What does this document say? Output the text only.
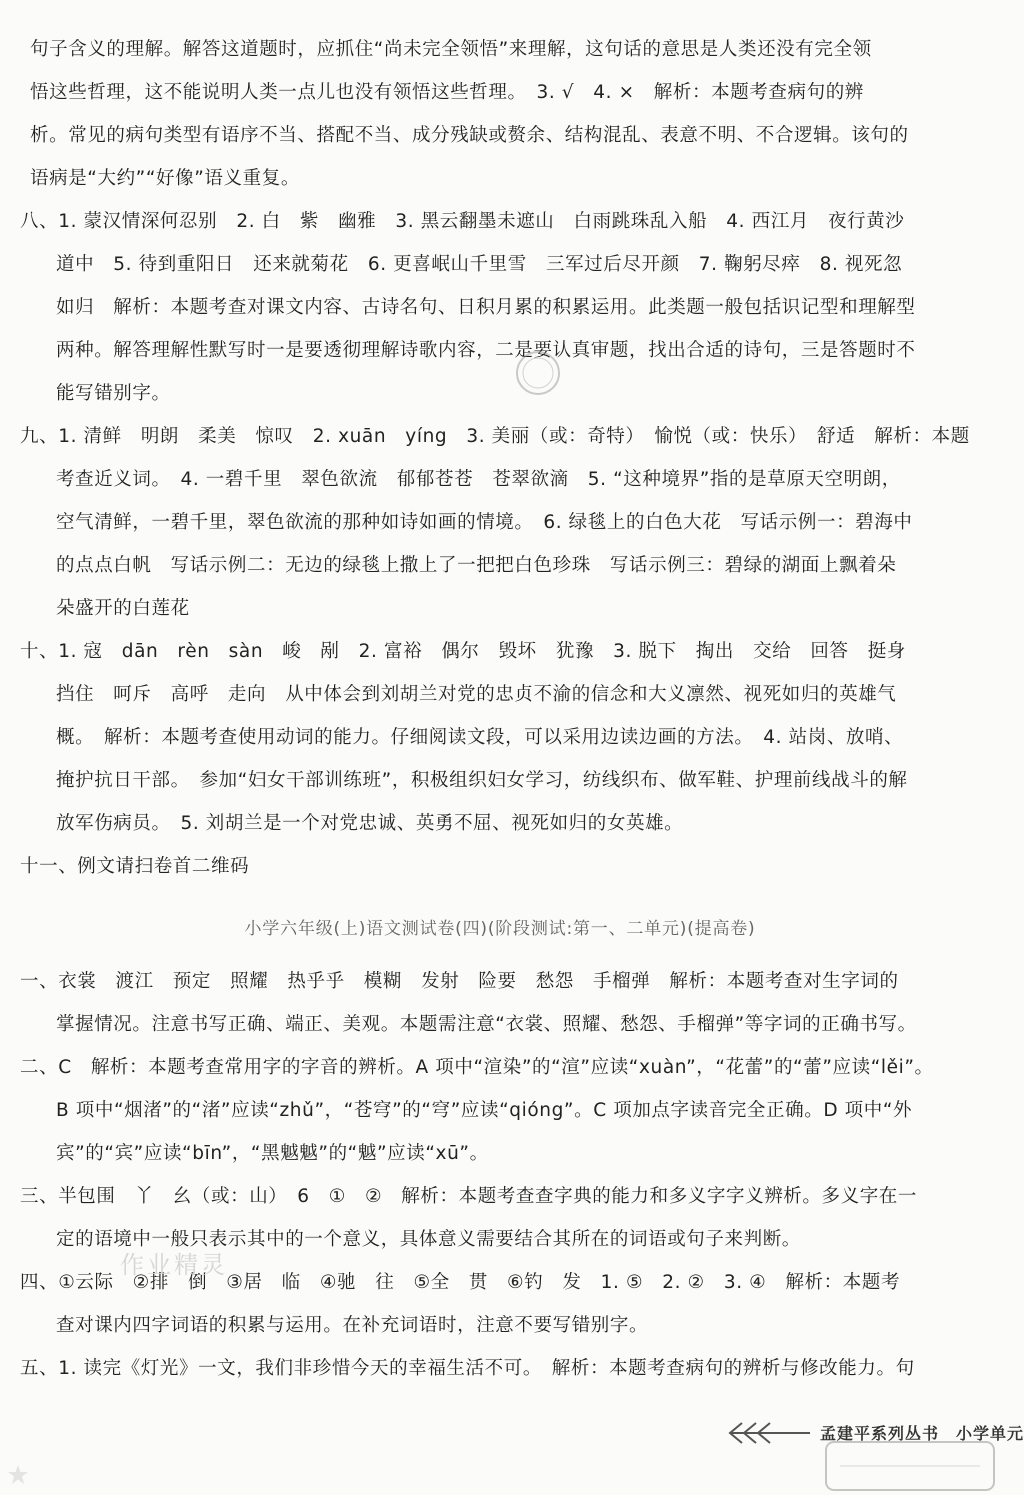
句子含义的理解。解答这道题时，应抓住“尚未完全领悟”来理解，这句话的意思是人类还没有完全领
悟这些哲理，这不能说明人类一点儿也没有领悟这些哲理。　3. √　4. ×　解析：本题考查病句的辨
析。常见的病句类型有语序不当、搭配不当、成分残缺或赘余、结构混乱、表意不明、不合逻辑。该句的
语病是“大约”“好像”语义重复。
八、1. 蒙汉情深何忍别　2. 白　紫　幽雅　3. 黑云翻墨未遮山　白雨跳珠乱入船　4. 西江月　夜行黄沙
道中　5. 待到重阳日　还来就菊花　6. 更喜岷山千里雪　三军过后尽开颜　7. 鞠躬尽瘁　8. 视死忽
如归　解析：本题考查对课文内容、古诗名句、日积月累的积累运用。此类题一般包括识记型和理解型
两种。解答理解性默写时一是要透彻理解诗歌内容，二是要认真审题，找出合适的诗句，三是答题时不
能写错别字。
九、1. 清鲜　明朗　柔美　惊叹　2. xuān　yíng　3. 美丽（或：奇特）　愉悦（或：快乐）　舒适　解析：本题
考查近义词。　4. 一碧千里　翠色欲流　郁郁苍苍　苍翠欲滴　5. “这种境界”指的是草原天空明朗，
空气清鲜，一碧千里，翠色欲流的那种如诗如画的情境。　6. 绿毯上的白色大花　写话示例一：碧海中
的点点白帆　写话示例二：无边的绿毯上撒上了一把把白色珍珠　写话示例三：碧绿的湖面上飘着朵
朵盛开的白莲花
十、1. 寇　dān　rèn　sàn　峻　剐　2. 富裕　偶尔　毁坏　犹豫　3. 脱下　掏出　交给　回答　挺身
挡住　呵斥　高呼　走向　从中体会到刘胡兰对党的忠贞不渝的信念和大义凛然、视死如归的英雄气
概。　解析：本题考查使用动词的能力。仔细阅读文段，可以采用边读边画的方法。　4. 站岗、放哨、
掩护抗日干部。　参加“妇女干部训练班”，积极组织妇女学习，纺线织布、做军鞋、护理前线战斗的解
放军伤病员。　5. 刘胡兰是一个对党忠诚、英勇不屈、视死如归的女英雄。
十一、例文请扫卷首二维码
小学六年级(上)语文测试卷(四)(阶段测试:第一、二单元)(提高卷)
一、衣裳　渡江　预定　照耀　热乎乎　模糊　发射　险要　愁怨　手榴弹　解析：本题考查对生字词的
掌握情况。注意书写正确、端正、美观。本题需注意“衣裳、照耀、愁怨、手榴弹”等字词的正确书写。
二、C　解析：本题考查常用字的字音的辨析。A 项中“渲染”的“渲”应读“xuàn”，“花蕾”的“蕾”应读“lěi”。
B 项中“烟渚”的“渚”应读“zhǔ”，“苍穹”的“穹”应读“qióng”。C 项加点字读音完全正确。D 项中“外
宾”的“宾”应读“bīn”，“黑魆魆”的“魆”应读“xū”。
三、半包围　丫　幺（或：山）　6　①　②　解析：本题考查查字典的能力和多义字字义辨析。多义字在一
定的语境中一般只表示其中的一个意义，具体意义需要结合其所在的词语或句子来判断。
四、①云际　②排　倒　③居　临　④驰　往　⑤全　贯　⑥钓　发　1. ⑤　2. ②　3. ④　解析：本题考
查对课内四字词语的积累与运用。在补充词语时，注意不要写错别字。
五、1. 读完《灯光》一文，我们非珍惜今天的幸福生活不可。　解析：本题考查病句的辨析与修改能力。句
作业精灵
孟建平系列丛书　小学单元
